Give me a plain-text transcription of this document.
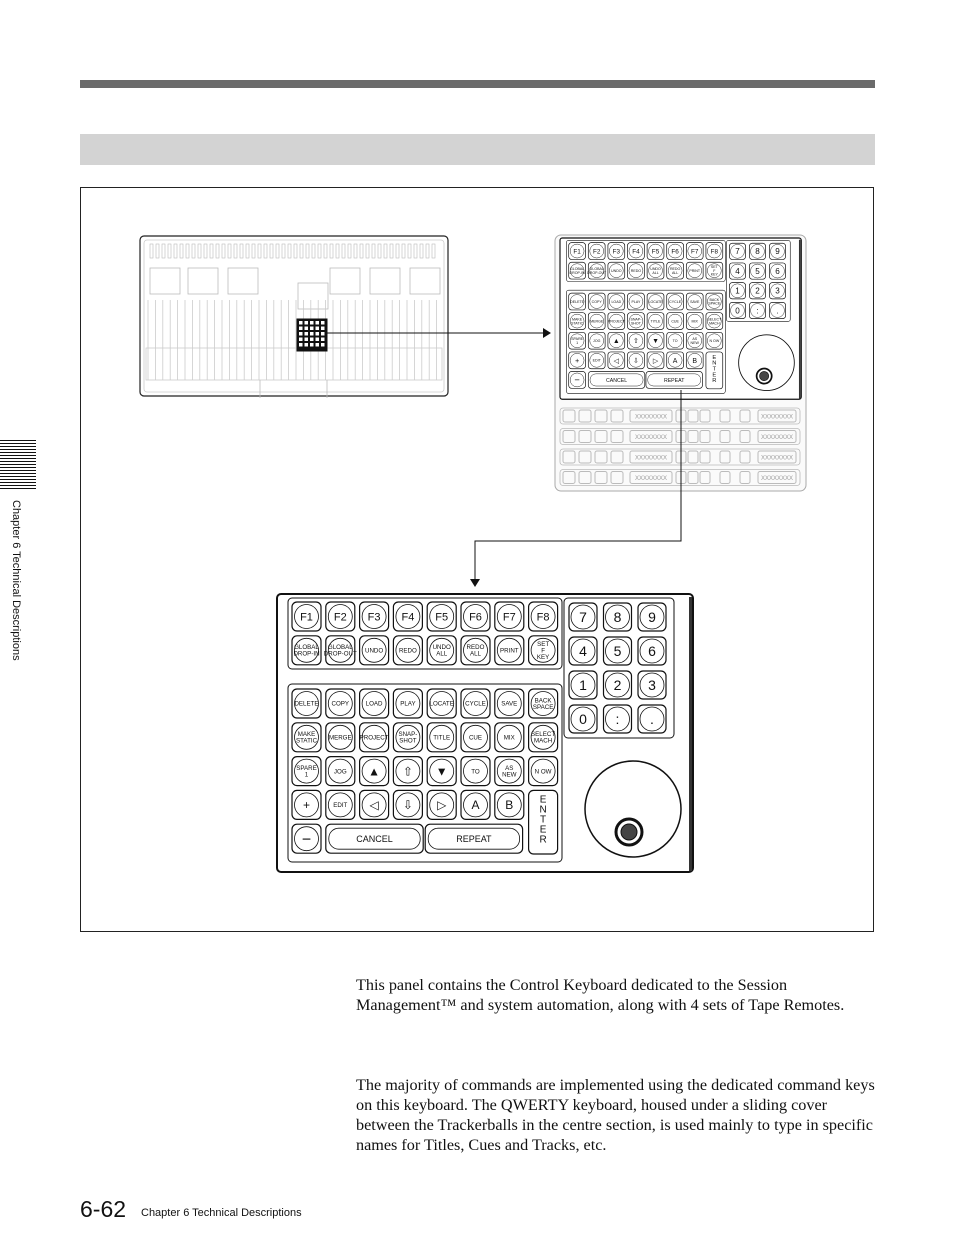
Chapter 6 Technical Descriptions
F1 F2 F3 F4 F5 F6 F7 F8
GLOBAL
DROP-IN
GLOBAL
DROP-OUT UNDO	REDO	UNDO
ALL
REDO
ALL	PRINT
SET
F
KEY
DELETE COPY	LOAD	PLAY LOCATE CYCLE	SAVE	BACK
SPACE
MAKE
STATIC MERGE PROJECT SNAP-
SHOT	TITLE	CUE	MIX	SELECT
MACH
SPARE
1	JOG ▲ ⇧ ▼	TO	AS
NEW	N OW
+	EDIT ◁ ⇩ ▷ A B	E
N
T
E
R
−	CANCEL	REPEAT
7 8 9
4 5 6
1 2 3
0 : .
XXXXXXXX	XXXXXXXX
XXXXXXXX	XXXXXXXX
XXXXXXXX	XXXXXXXX
XXXXXXXX	XXXXXXXX
F1 F2 F3 F4 F5 F6 F7 F8
GLOBAL
DROP-IN
GLOBAL
DROP-OUT UNDO	REDO	UNDO
ALL
REDO
ALL	PRINT
SET
F
KEY
DELETE COPY	LOAD	PLAY LOCATE CYCLE SAVE	BACK
SPACE
MAKE
STATIC MERGE PROJECT SNAP-
SHOT	TITLE	CUE	MIX	SELECT
MACH
SPARE
1	JOG ▲ ⇧ ▼	TO	AS
NEW	N OW
+	EDIT ◁ ⇩ ▷ A B	E
N
T
E
R
−	CANCEL	REPEAT
7 8 9
4 5 6
1 2 3
0 : .

This panel contains the Control Keyboard dedicated to the Session Management™ and system automation, along with 4 sets of Tape Remotes.

The majority of commands are implemented using the dedicated command keys on this keyboard. The QWERTY keyboard, housed under a sliding cover between the Trackerballs in the centre section, is used mainly to type in specific names for Titles, Cues and Tracks, etc.

6-62 Chapter 6 Technical Descriptions
